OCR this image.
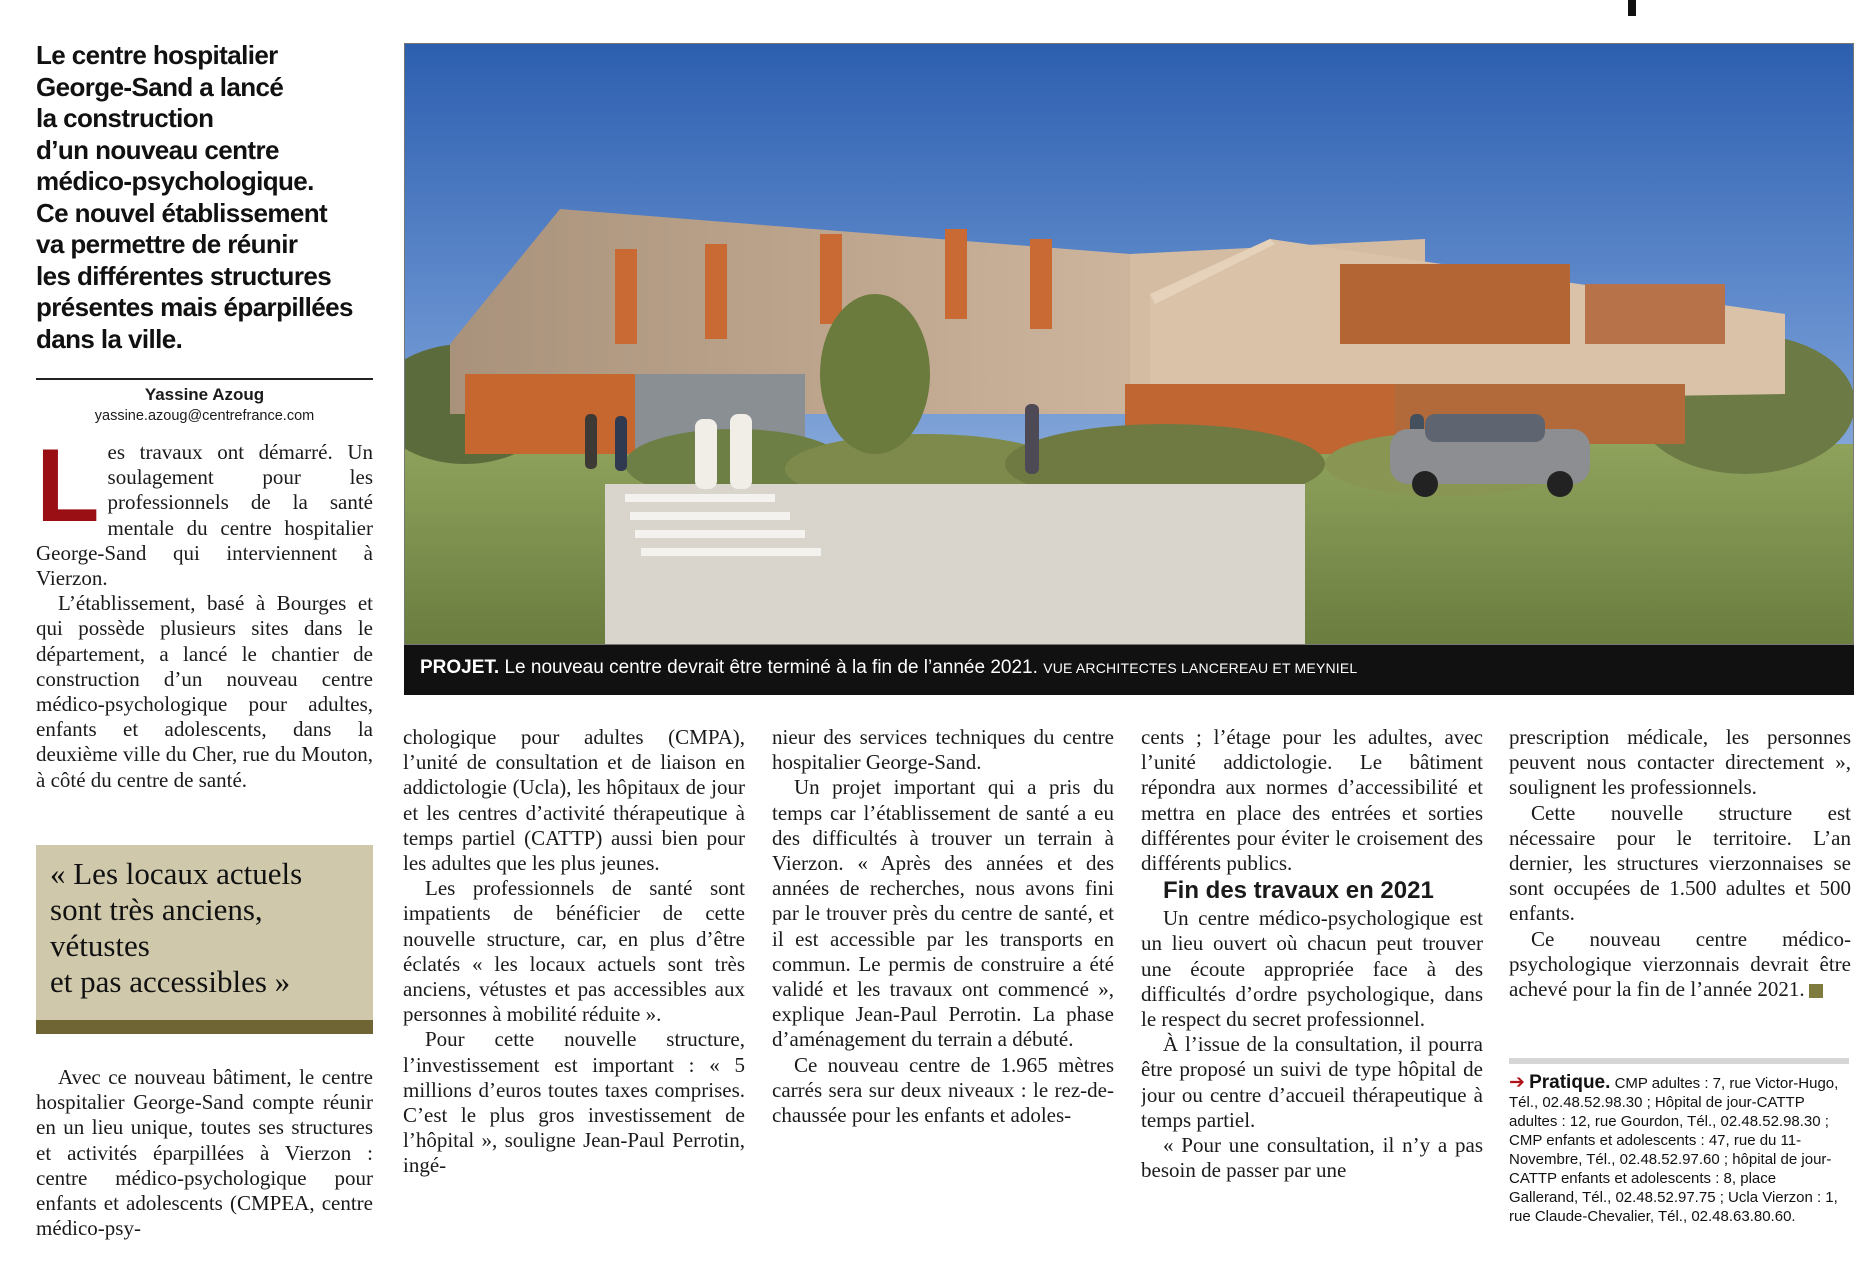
Le centre hospitalier
George-Sand a lancé
la construction
d’un nouveau centre
médico-psychologique.
Ce nouvel établissement
va permettre de réunir
les différentes structures
présentes mais éparpillées
dans la ville.
Yassine Azoug
yassine.azoug@centrefrance.com

Les travaux ont démarré. Un soulagement pour les professionnels de la santé mentale du centre hospitalier George-Sand qui interviennent à Vierzon.

L’établissement, basé à Bourges et qui possède plusieurs sites dans le département, a lancé le chantier de construction d’un nouveau centre médico-psychologique pour adultes, enfants et adolescents, dans la deuxième ville du Cher, rue du Mouton, à côté du centre de santé.

« Les locaux actuels
sont très anciens,
vétustes
et pas accessibles »

Avec ce nouveau bâtiment, le centre hospitalier George-Sand compte réunir en un lieu unique, toutes ses structures et activités éparpillées à Vierzon : centre médico-psychologique pour enfants et adolescents (CMPEA, centre médico-psy-

PROJET. Le nouveau centre devrait être terminé à la fin de l’année 2021. VUE ARCHITECTES LANCEREAU ET MEYNIEL

chologique pour adultes (CMPA), l’unité de consultation et de liaison en addictologie (Ucla), les hôpitaux de jour et les centres d’activité thérapeutique à temps partiel (CATTP) aussi bien pour les adultes que les plus jeunes.

Les professionnels de santé sont impatients de bénéficier de cette nouvelle structure, car, en plus d’être éclatés « les locaux actuels sont très anciens, vétustes et pas accessibles aux personnes à mobilité réduite ».

Pour cette nouvelle structure, l’investissement est important : « 5 millions d’euros toutes taxes comprises. C’est le plus gros investissement de l’hôpital », souligne Jean-Paul Perrotin, ingé-

nieur des services techniques du centre hospitalier George-Sand.

Un projet important qui a pris du temps car l’établissement de santé a eu des difficultés à trouver un terrain à Vierzon. « Après des années et des années de recherches, nous avons fini par le trouver près du centre de santé, et il est accessible par les transports en commun. Le permis de construire a été validé et les travaux ont commencé », explique Jean-Paul Perrotin. La phase d’aménagement du terrain a débuté.

Ce nouveau centre de 1.965 mètres carrés sera sur deux niveaux : le rez-de-chaussée pour les enfants et adoles-

cents ; l’étage pour les adultes, avec l’unité addictologie. Le bâtiment répondra aux normes d’accessibilité et mettra en place des entrées et sorties différentes pour éviter le croisement des différents publics.

Fin des travaux en 2021

Un centre médico-psychologique est un lieu ouvert où chacun peut trouver une écoute appropriée face à des difficultés d’ordre psychologique, dans le respect du secret professionnel.

À l’issue de la consultation, il pourra être proposé un suivi de type hôpital de jour ou centre d’accueil thérapeutique à temps partiel.

« Pour une consultation, il n’y a pas besoin de passer par une

prescription médicale, les personnes peuvent nous contacter directement », soulignent les professionnels.

Cette nouvelle structure est nécessaire pour le territoire. L’an dernier, les structures vierzonnaises se sont occupées de 1.500 adultes et 500 enfants.

Ce nouveau centre médico-psychologique vierzonnais devrait être achevé pour la fin de l’année 2021.

➔ Pratique. CMP adultes : 7, rue Victor-Hugo, Tél., 02.48.52.98.30 ; Hôpital de jour-CATTP adultes : 12, rue Gourdon, Tél., 02.48.52.98.30 ; CMP enfants et adolescents : 47, rue du 11-Novembre, Tél., 02.48.52.97.60 ; hôpital de jour-CATTP enfants et adolescents : 8, place Gallerand, Tél., 02.48.52.97.75 ; Ucla Vierzon : 1, rue Claude-Chevalier, Tél., 02.48.63.80.60.
